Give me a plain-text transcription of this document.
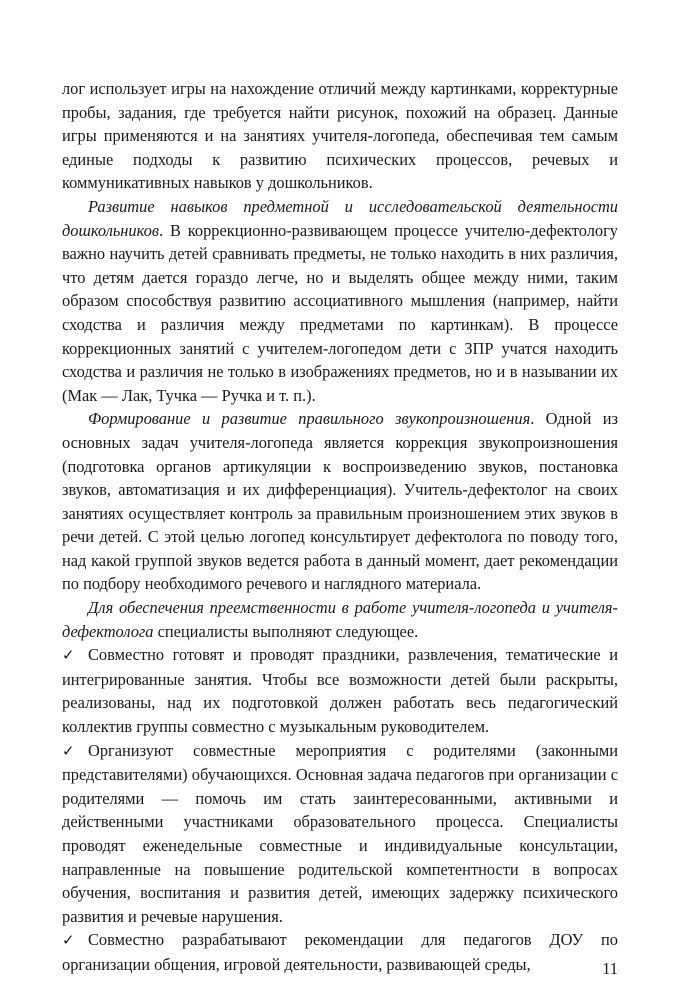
лог использует игры на нахождение отличий между картинками, корректурные пробы, задания, где требуется найти рисунок, похожий на образец. Данные игры применяются и на занятиях учителя-логопеда, обеспечивая тем самым единые подходы к развитию психических процессов, речевых и коммуникативных навыков у дошкольников.

Развитие навыков предметной и исследовательской деятельности дошкольников. В коррекционно-развивающем процессе учителю-дефектологу важно научить детей сравнивать предметы, не только находить в них различия, что детям дается гораздо легче, но и выделять общее между ними, таким образом способствуя развитию ассоциативного мышления (например, найти сходства и различия между предметами по картинкам). В процессе коррекционных занятий с учителем-логопедом дети с ЗПР учатся находить сходства и различия не только в изображениях предметов, но и в назывании их (Мак — Лак, Тучка — Ручка и т. п.).

Формирование и развитие правильного звукопроизношения. Одной из основных задач учителя-логопеда является коррекция звукопроизношения (подготовка органов артикуляции к воспроизведению звуков, постановка звуков, автоматизация и их дифференциация). Учитель-дефектолог на своих занятиях осуществляет контроль за правильным произношением этих звуков в речи детей. С этой целью логопед консультирует дефектолога по поводу того, над какой группой звуков ведется работа в данный момент, дает рекомендации по подбору необходимого речевого и наглядного материала.

Для обеспечения преемственности в работе учителя-логопеда и учителя-дефектолога специалисты выполняют следующее.

✓ Совместно готовят и проводят праздники, развлечения, тематические и интегрированные занятия. Чтобы все возможности детей были раскрыты, реализованы, над их подготовкой должен работать весь педагогический коллектив группы совместно с музыкальным руководителем.

✓ Организуют совместные мероприятия с родителями (законными представителями) обучающихся. Основная задача педагогов при организации с родителями — помочь им стать заинтересованными, активными и действенными участниками образовательного процесса. Специалисты проводят еженедельные совместные и индивидуальные консультации, направленные на повышение родительской компетентности в вопросах обучения, воспитания и развития детей, имеющих задержку психического развития и речевые нарушения.

✓ Совместно разрабатывают рекомендации для педагогов ДОУ по организации общения, игровой деятельности, развивающей среды,	11
